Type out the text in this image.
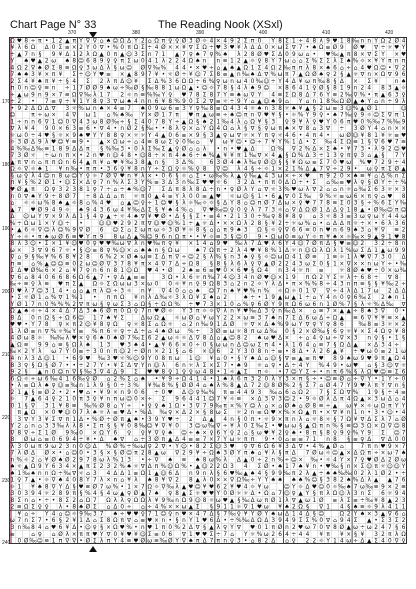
Chart Page N° 33	The Reading Nook (XSxl)
370	380	390	400	410	420
170
180
190
200
210
220
230
240
Ω ♥ 8 ÷ π • 1 2 ▲ π Y ∇ ∇ ⌂ ♠ ☺ Ω Δ Y 2 ⌂ Ω π ♀ ♀ Ø 3 Ø ☼ 4 × 4 9 2 Σ π 0 Y 8 Σ 1 ÷ 4 8 λ 9 ♥ 1 8 ‰ n n Y Ω 2 Ø 4
¥ λ 6 Ω Δ 0 Σ ≡ × 2 Y 0 ∇ • % 0 π Ω Σ ÷ 4 Ø × × ¥ ∇ Σ Ω ÷ ♥ 3 ♥ ¥ λ Δ Δ 0 × ω Σ ∇ 7 • ♠ Ω ≡ Ø 9 Ø ♥ ∇ ÷ ☼ ♥ Y
÷ ▲ 7 n § 9 ¥ Δ 1 2 λ Ω ▲ 0 π ▲ ☺ 3 Σ n 7 1 ▲ 7 ♀ ♠ 7 ♀ % ♠ λ 2 8 Ø ♥ Σ Δ 0 9 ω ⌂ • ♥ ‰ ▲ π 8 × ∇ Σ Y × ♥
Y ♠ ♥ ▲ 2 ω ♠ 8 ☺ 6 8 9 ♀ ♀ π Σ ω 0 4 1 λ 2 2 4 Ω ♠ n n ≡ 1 2 ▲ ☼ ♀ 8 Y 7 ω ⌂ ⌂ Σ % Σ Σ λ Σ ♠ % ☼ × ¥ Y π n π
4 Ω 2 ∇ ♠ Ø Σ 8 ≡ Ω ♀ 3 ω Δ λ § ω ☺ Ø ∇ ‰ % 4 4 • × ♥ ÷ ⌂ ▲ ♠ ▲ Ω 1 Σ 4 Ω 2 ‰ π π λ 8 × ♠ 6 ⌂ ÷ ⌂ 4 ♥ Ω ☺ • ∇ 2
7 ♠ ♠ 3 ¥ × π ¥ Σ ÷ ☺ Y ♥ ≡ × ▲ 8 9 7 ¥ • ☼ Ø ÷ ¥ ☺ 7 Σ 8 ≡ ▲ n ‰ ♠ Δ ∇ % ω π 7 ▲ Ω Ø ♠ ♀ 2 § ▲ ☼ ∇ n × Ω ∇ 9 6
2 Σ 4 ¥ ♠ π ¥ ÷ § 4 Σ 2 λ π Δ ☺ ¥ Σ Δ % 3 6 Ω Ω ÷ 6 % ♀ ω n ω 4 0 ‰ ☺ ÷ Y 4 Δ ¥ ω π ‰ 8 § Δ × Σ ¥	n ♠
π 0 n ☺ ♀ ≡ n ÷ 1 7 Ø Ø 9 ♠ ω ÷ ‰ Ø § ‰ 8 8 1 ω Ω ▲ • ☺ ☼ 7 8 § 4 λ ♠ 9 ☺ × 8 6 4 1 ♀ Ø § 8 1 9 n 2 4 8 3 ▲ ☼
÷ ▲ ω 9 n 9 × 7 ≡ Ω ∇ ‰ λ 1 7 2 ☼ n ≡ % ‰ Y ♀ ♥ 7 8 Σ 8 7 Y ≡ ♠ ω ∇ Y 4 ≡ Σ Ω 8 Δ 7 6 Y ≡ 2 ‰ ∇ % • π ▲ 6 3 ♀
÷ 2 • 7 ≡ ♀ ÷ ¥ 1 Y 8 ♀ 3 ∇ ω ♠ 4 n n 6 ¥ 8 % 9 0 Σ 2 ∇ ≡ ☼ ÷ 9 Y ⌂ ▲ ☺ ♠ 9 ⌂ Y ⌂ n 1 8 ‰ Ω Ø ▲ ♠ Y ⌂ n ÷ 9 λ
• 9 2 Δ Ω Δ ∇ 3 ☼ % ω n ♠ × 4 ≡ 7 ♠ 0 9 ω 6 ≡ 3 Y ♀ ‰ 8 ≡ Ω 4 3 4 ☼ ♠ n 3 8 ☼ ♠ ¥ ▲ § 2 ω ≡ 3 ☺ % ▲ Ø 1	☺
☺	π ÷ ω × 4 ∇ ω 1 ⌂ % ♠ ‰ Y × Ø 1 7 π ♥ π ▲ ω ≡ ÷ ♠ ☺ π n ∇ ♥ ¥ § • ☼ % Y 9 ♀ • ♠ 7 ‰ ♀ 9 ☼ ☺ Σ ∇ π 1
1 ÷ n n 6 ∇ 1 ☺ 0 ∇ 4 3 ω 8 Ø ‰ ÷ § Σ 4 0 7 8 Y ÷ ▲ Ω § ♠ 2 1 ‰ 4 λ ⌂ Ω ¥ § 3 ♀ 9 ¥ λ ♀ ♥ Y 0 6 π ♥ 0 % ‰ 7 % ‰ 9
∇ λ ¥ 4 9 0 × 6 3 ≡ 6 • ∇ 4 • n Ø 2 § ‰ • • 8 λ ♀ × ⌂ Y Ω 4 Ω ⌂ λ § ∇ § ♀ ω π ♠ × ∇ 8 ⌂ 3 ∇ ÷ 3 Ø Y 4 ⌂ n × ×
☼ ω 0 ÷ 4 ♥ § ☼ × 9 ♠ ♥ Y Y 8 8 ♀ × ☼ ☼ Y 4 ▲ 0 6 ≡ × 9 § 3 ▲ ♀ ω ∇ ☼ × Y π ♀ ☼ 4 6 • 4 π 4 • ω Ø ☺ ¥ 8 1 ¥ ☼ ≡ ♥
☼ 3 Ø Δ 9 λ ♥ ☺ ¥ ≡ 9 • ▲ × Ω ω ÷ ⌂ 4 ≡ 8 ω Σ ♀ 0 ‰ ⌂ ¥ ω ¥ ☺ • ☺ ÷ 7 ¥ Y % 1 Δ • Σ ‰ 4 Σ Ω ≡ 1 § ∇ 6 ♥ 7 ≡
4 % ‰ Δ ‰ ≡ 1 8 9 Δ Δ π § % ‰ 3 • 0 λ Σ ‰ Σ ▲ ♀ Ø ⌂ ⌂ λ • n • ♥ ▲ Δ	Ω % ∇ 2 % Δ × Σ ♠ • ¥ 7 3 • λ 9 2 ☺ ♥
7 3 Ø ☼ ÷ ω n π × • 2 n ♥ n ☺ 4 8 • ☺ 8 ÷ × π 4 ♠ 6 ÷ ♠ % ▲ ¥ ¥ π 1 ‰ ∇ × 4 ▲ § Ω % Δ 3 ÷ 1 3 ♀ π ♀ 3 ⌂ ▲ § 7 Y
▲ π ∇ n ⌂ π π Ω n 6 4 ▲ π ¥ ⌂ ♥ ¥ ‰ 3 8 ▲ n § 3 Δ %	6 3 Ø 4 ♠ λ ‰ ♀ Ø ☺ § § ¥ Ω ω ≡ Σ 7 0 ♥ ω % ♥ 7 2 9 ÷ 4
Ω ☼ ∇ ☼ ♠ 1 ¥ n ‰ • π π • 3 6 ♀ ¥ 8 n Y ÷ Σ Ω ♀ ☼ % ♀ 8 ∇ ☺ λ 4 § ÷ ☼ 1 × 2 1 % Δ ▲ 7 ∇ ÷ 2 9 • ω ♀ π Σ Ø ▲
§ ω ♀ λ 4 ☺ n 8 ω ☺ Y ♀ ☼ 7 Ø ∇ ♥ n ¥ λ × • 0 6 § ☼ ⌂ Σ • ω ‰ % λ ▲ ♀ ‰ ▲ 4 3 ω × ÷ × ♥ π 9 2 0 × ♠ ≡ ¥ ⌂ Δ % n Σ
π ¥ § % 2 Ø 1 • ☺ Σ × Δ ♀ 7 n % λ Σ 3 Y % ≡ 3 Δ 3 n ‰ Σ ♥ ♥ ☼ 6 3 2 Δ • π π 0 Δ Ω ÷ • Σ ⌂ ‰ ≡ ♥ λ ♀ § Ø Y ÷ ÷ %
♥ Ø ▲ π Ω ♀ 3 2 3 8 1 ♀ 7 ÷ ⌂ ÷ ♠ % ☺ 7 Σ Δ π 8 λ 8 Δ ÷ n • ♀ Ø λ Y ⌂ ∇ ☼ 3 % ♥ ω λ ∇ 2 ⌂ ⌂ n ☼ ⌂ ‰ Σ 6 3 ☼ × 3
n 0 ∇ ♠ Y 9 ÷ 8 Ø 7 ÷ 8 Δ Δ ⌂ π ☼ π 0 ▲ 4 ≡ Y λ 0 0 ≡ ▲ ♥ ☼ ω ☺ § 1 • 6 ▲ ∇ 0 Σ ‰ 9 % ☼ ≡ ω 6 × π ♀ ⌂ ♥ 8
⌂ ☼ ☼ ω % 8 ♠ ▲ ☼ 8 ⌂ % 4 ♥ ⌂ ▲ ☺ ♀ ÷ 1 ☺ ♥ § λ ☼ ‰ ☼ ☼ § Δ Y 8 ⌂ ☺ π Ø 7 Δ ω × ♀ ♥ 7 7 8 ≡ Σ 0 3 § ÷ % 6 Σ Y ‰
▲ 7 ♥ Ø 9 4 9 ☼ ♠ 9 4 3 6 ω 4 ¥ ‰ Δ Σ § ¥ ♠ 4 % ⌂ ∇ ♥ ‰ ☺ ♀ 0 ♀ λ 7 7 3 ☼ ⌂ ∇ Δ Ω Ø 1 Δ Δ ♀ 1 8 ▲ • Ø ‰ ☺ π ☺
Δ ☺ ω Y ∇ × 9 λ Δ 1 § 4 ♀ ▲ ÷ ☼ 4 ♠ ∇ ¥ ♥ Ø • Δ § § Σ • ≡ 4 • 2 1 3 0 ÷ ‰ ♀ 8 ¥ 8 ♀ ⌂ 3 ☼ 8 3 ≡ 3 ω ♀ ω Y 4 4 ω
% ÷ Ω ω 1 × Y ☺ ÷ •	☺ ☺ ♥ 2 9 2 π ∇ ☺ ♥ ☺ % 1 ÷ ▲ ☼ Δ • × × Ω λ 2 8 § ¥ 2 ÷ ☼ ω % ⌂ • ⌂ Δ Δ π ☼ ÷ × • 6 λ 3 6
• ▲ 6 ☼ ∇ ☺ λ ☺ % 9 ∇ Ø 6 ☺ Σ ⌂ Σ ω π ω ☼ 3 Ø ¥ ☼ 8 § ⌂ ⌂ π 9 ♠ 3 Ω § ☼ ♀ ∇ 6 6 ≡ 0 n ♥ n 6 9 ♠ 3 ⌂ ¥ ∇ ≡ 2
Y ÷ ☼ • π ♠ ω Ø 6 ≡ ♥ Y π 9 8 ω Δ ▲ % ☺ 9 6 n Ω π • • ¥ ☼ ≡ 3 § ☺ 0 9 • Ω ω 0 ≡ ω Y ☼ π ¥ ♠ × ☼ ‰ × 9 ▲ 9 1 ♥ 8
8 λ 3 ☺ • Σ × 1 ¥ ☺ ♥ 0 ♀ ♥ ♥ ‰ ω ∇ λ n ♥ ‰ π ♀ ¥ × 1 4 ⌂ 9 ♥ ‰ λ 7 Δ ♥ λ 6 Y 4 ☺ 7 Ø π Δ § ♥ ≡ ☺ 2 3 2 ÷ 8 n
ω × 3 ∇ 9 6 7 ☼ • § ☺ ≡ 8 ♀ % ☺ × ⌂ ♠ ♠ n § Ω ω	♠ 7 Ω π ÷ 2 λ 4 ♥ ¥ 8 % 1 Δ ☼ n ☺ Ω λ Ω λ 1 % ω Σ Δ 1 ▲ ω 9 9
∇ ⌂ 9 § ‰ ¥ % 6 8 ¥ 2 8 6 % 2 × Ø ♠ ω ≡ Σ Δ π ∇ ÷ ☺ 2 § λ % § n 3 ♠ ♀ § ☼ ☺ ω Ω 4 1 Ø ≡ 1 ≡ ☼ 1 λ ♥ ∇ 7 3 0 Δ
π ≡ ⌂ % ▲ ☺ ☺ ≡ 0 2 ω ☺ Ø ∇ 3 7 8 ¥ π × 4 ∇ 7 Δ ÷ Ω 8 § 8 § λ 6 λ ♀ ∇ ▲ Ø 2 2 4 3 ω Σ 0 § 1 × ∇ × × n ω Y ÷ • ‰
Σ Δ ♥ Ø ‰ 6 × 2 ⌂ ¥ 7 ♀ n 6 n 8 1 ☺ Ω ♥ 4 • Ø 2 ♠ ≡ 6 ≡ ♥ 0 × 6 ♥ § Ω 4 n 3 4 ☼ π ≡	☼ 8 Ø ♠ ♥ ÷ 0 × ω ‰
∇ 6 ⌂ 8 4 0 6 6 8 6 Ω 6 ▲ 7 • ♀ Δ ▲ ≡ ≡	3 Ω • λ 6 ☼ π ‰ 7 4 ☺ 3 4 n Ø ♥ ☺ × 1 9 π Ω 2 Y Σ ☼ λ ÷ 6 8 ÷ ∇ 8
‰ ÷ ≡ ♀ λ ≡ ♥ π Σ ▲ Ω ☼ Σ Ω ω ω 3 × ω 0 0 ☼ ¥ n ♀ 9 Ω 8 3 ⌂ 2 n 2 ☼ Y λ Δ • π × % % 8 ÷ 4 3 n π ≡ § § ¥ ‰ 2 ÷
0 ♥ λ 7 ☺ 3 1 4 • ⌂ ⌂ ▲ π λ ☺ ÷ 3 ☼ n ¥ ∇ 4 0 ⌂ ⌂ ♠ ☺ 7 n ♠ ¥ ♥ % n % ☼ Ω ☼ 0 1 ∇ ∇ ÷ 4 λ Δ 1 7 ω 2 Δ Δ
• Σ ☼ Ø 1 ⌂ % ∇ 1 % 1 • π π Ω ¥ n λ Δ ‰ ☼ 3 λ Ω ¥ Σ ♠ ⌂ 2	♠ ÷ • 1 9 ▲ ω ▲ 1 ÷ ⌂ Y 4 n 0 ♀ 6 ‰ Σ 2 ♠ n 1
Y Ø 1 7 n 0 % % % 2 ∇ π ω § ♀ ω Σ 3 ⌂ Ω § ÷ Ω Ω % ÷ ♥ 7 3 × 1 0 ⌂ % ♀ 6 Ø Y 9 π Ω 6 ω 6 n 1 Ø % 7 § λ ☼ % Δ ‰ ∇
Ω ▲ ♠ ☼ ÷ 4 × 4 Δ 7 Δ 3 ♠ 6 Ø π 0 Ω ♀ 7 n ♥ Ø ☼ Y 3 π ☼ ☼ ∇ λ n ¥ ♥ ‰ Δ 3 ♀ n ‰ Δ × ⌂ ≡ 7 × ▲ ▲ ÷ 8 ♠ 3 ∇ 0 •
8 Δ 0 n Ω § ÷ Ω 6 ☺ 1 7 ♠ ¥ Σ	Δ ω Ω ▲ ☼ ω Ø ⌂ ¥ ω Y 2 2 × ω ≡ 3 7 ♠ n 7 Σ Δ 6 ω Δ ÷ Ω ▲ ≡ 6 ∇ ¥ ¥ ≡ × ▲
♥ ♥ • Y 7 8 ♀ × π 2 ☺ ¥ 8 ♀ Ω ♀ ☼ 8 Σ ⌂ Ω ☼ ⌂ 2 n ‰ 9 1 Δ Ø ☼ ∇ × Δ ♠ % 9 ω Y ∇ ♀ Y ♀ 8 6	‰ 8 ≡ 3 ☼ × 2
1 λ Ø ≡ n ∇ % ☼ ‰ Y ≡ % π 6 ☼ ♀ ÷ Δ ÷ ⌂ 4 ♠ Ø ω % ÷ 3 Ø ≡ ω ☼ 8 π ω Δ ‰ 0 § 2 × Ø ‰ § 6 ♀ ☼ ¥ × Σ 4 Ω ♀ ¥ 8
4 Ø ω 8 ☼ ‰ ‰ λ ♥ × ♀ 6 ♠ 0 ♠ Ø 7 ‰ Σ 6 2 ▲ ω ☼ ☼ Δ ∇ 8 Δ ⌂ ▲ ☺ 8 2 ♠ ω ♥ Δ × ÷ ⌂ 4 ♀ ω ÷ ∇ × 3 n ♀ § • 1 §
▲ Ω ≡ 9 9 ⌂ ≡ § Ω λ ♠ 1 3 ♥ 3 ♠ 4 • ▲ ¥ 6 6 × 0 ÷ 0 § ω ω n Δ ☺ ω Σ π 4 • λ 1 6 4 ⌂ ≡ 7 § Ω Δ ▲ × Δ 3 4 ÷
‰ × 2 Y λ ω 7 Y 0 ≡ ÷ 3 0 n π ☺ 2 ÷ Ø n × 2 1 § ⌂ 6 × ☺ 6 2 Y 3 0 8 n ÷ ≡ • 8 Δ • λ 2 6 ▲ ¥ ÷ ♥ ω 0 ≡ 2 1 ω
4 n λ 3 Δ ☺ 1 • 6 9 ♥ ‰ 3 ♥ ☼ % ☺ 9 Y 0 8 π ω 1 ☺ ¥ ⌂ 0 • § Y ♠ Δ ⌂ ☺ § ∇ ≡ ▲ ≡ π ♥ 8 9 ♠ ω 9 ♥ 9 π ▲ Ω 4
8 3 ♀ § Ω § Ø 7 • • ÷ 2 7 Y • ¥ Σ Δ ∇ Y n ☺ λ 6 n ☼ λ Σ × Σ 7 • ♠ 9 ☼ ⌂ ♀ • Δ ÷ 4 Y % 4 9 • ω ♥ ⌂ § 3 ☺ ∇ ☼
9 2 § ▲ n 0 ☺ n ∇ § ‰ 3 ∇ 4 Δ 9 Σ ♥ ♥ 8 ♀ 1 ♀ ♀ ω 4 8 • 1 ☼ ▲ Σ π ☼ • 7 ☺ Y Σ ÷ • n π 6 % § λ Ω ♥ ☺ ≡ Σ 6
6 Ω ☼ ÷ ω 6 ‰ 4 1 6 ‰ ♀ Ø ⌂ 2 % Σ ⌂ ♠ • ¥ 9 ÷ Ω 4 1 4 • 1 ♠ λ 6 π 3 2 0 λ Y 3 × π § ÷ • ☺ ≡ Ø ⌂ ÷ ∇ Y • 1 Y ÷ 0
• λ ≡ Ω λ ♠ ♀ ☺ ≡ ‰ n 1 λ 9 § 0 ÷ 3 % ¥ ‰ 8 % § Ø Ø 4 ⌂ ♠ λ % 8 ▲ Δ 7 2 ☺ 8 Ø % 2 § Σ 7 ⌂ Ø 4 7 Y 9 ♥ λ π Y ∇ n §
2 1 ▲ § ≡ Ø 2 • 2 • ♥ ⌂ • ¥ 9 × n 9 0 6 ÷ 0 ♥ Δ ☺ ♀ ‰ % π ≡ 4 4 9 3 ‰ ⌂ 6 ⌂ Ω 2 7 § Σ Ω ∇ % 1 9 § ÷ 4 ≡
☼ 7 ▲ 6 4 ♀ 2 1 0 π 3 ♀ ¥ n π ω ☺ 0 × ÷ Σ 9 6 4 4 1 ☺ 7 ¥ ☼ ≡ × Δ 3 ∇ 3 ☺ 2 • 9 ☼ Ø λ Δ π 4 Ω ▲ × 3 ω Δ ⌂ 4
0 1 § ∇ 3 1 ¥ 8 ≡ ‰ % Ø 8 ⌂ Y ÷ • ♀ ♀ ♠ 1 Ω • 3 ∇ 7 9 ‰ π × % Y ☺ λ ⌂ × ⌂ Ø ♠ ⌂ Ø 8 ≡ ÷ ▲ ω ¥ × ☼ ω Ω π Y Y
π ▲ Ω × 0 ♥ ☺ 0 7 λ ♠ ☼ λ ≡ ♥ Δ • % Δ ‰ ♀ × Δ 2 × § 8 ω Σ ☼ 2 n ≡ Ω ♥ × % × Ω ▲ π • × ∇ ¥ n 1 n • 3 • ☺ • 4
3 ∇ Y 3 ¥ Σ ∇ π 1 Δ • % Ø ÷ Ø π ▲ ♠ • 3 9 Y ♥ ÷ 2 Δ ▲ 4 n § 0 π • ☼ 9 × π n λ ⌂ ☼ 8 ☼ § 7 Ω ¥ ∇ Δ Σ λ 7 ⌂ Ø
Y 2 ⌂ n ⌂ 3 3 ‰ λ λ 8 • Σ π § § ¥ 0 8 ‰ ☺ ¥ ∇ ¥ 0 3 ☺ ω ‰ ∇ ÷ ¥ λ 0 Σ ‰ Σ • ♥ ω ω § ▲ Ω π n % § ≡ ☺ 3 Ω × Ω ∇ ☺ 8
∇ 8 ∇ ÷ Σ 1 Ø 9 ‰ 0 × Ω Y 6 ♀ ♀ ¥ ∇ ♀ ♠ ☺ ÷ ♠ × ♀ 6 Y ♀ 2 ⌂ § ω ♥ ¥ 2 ♀ ♠ • 8 π § 8 ♀ 9 ♀ % Y 9 Σ ☺ 7
8 Ø ω ⌂ ≡ 0 6 9 4 ÷ ¥ • Δ ♠ ∇ ⌂ ÷ 3 Ø π ▲ Δ 4 ≡ ≡ 7 × 7 Y ω ☼ π π 9 • 0 ⌂ ≡ ≡ 7 1 n 8 § ≡ ♀ Δ ∇ Δ 0 0
λ 3 0 ω π 9 ω 2 3 n 0 ☺ Δ % Ø % ÷ ‰ ω ♀ 2 ∇ • Y ☺ • 8 2 Σ ☺ 3 ♥ ♀ ∇ 6 Ω 6 ¥ 3 Δ ∇ • 4 % ▲ Ø ⌂	7 π n ♥ 9 × 7
7 λ Ø Δ Ø × • ⌂ ☺ 0 • 3 § × § Ø ☺ π 2 8 ▲ ω ∇ 2 9 ¥ ÷ Ω ♠ 3 Ø Y π ♠ ⌂ ¥ λ § π Δ 7 Ø ω ☼ ☺ ▲ × Δ Ω π ÷ × ω 7 ♠
n % ☼ 2 ⌂ ¥ Ø ♠ Ø 2 9 7 8 ω λ % 1 3 • ÷ ∇ ♠ ≡ ♠ 8 ω % λ Δ ▲ 0 ÷ 2 n % ÷ ☺ × ‰ • ☼ 4 Y × 7 ♀ ♥ Ø Δ 2 Ø ω
♠ ☼ ▲ Ω 9 Y 6 3 4 × ▲ π Σ 2 3 2 % ♠ ☼ ∇ Δ π % ☺ Ω % • ▲ ☺ 2 2 Ω 3 4 Σ Ø • ♠ 1 7 ♠ ¥ n • ♥ ‰ § n × Σ ☺ π ☼ ☺ ☺ Y
♠ 1 ‰ ♠ n n Ω ÷ ‰ ∇ ☼ ⌂ 3 4 Δ Δ 1 ≡ Ω 1 ▲ ☺ 6 Δ n 9 n λ § 6 ♥ ‰ ▲ ♠ 4 § 9 9 ‰ π 2 λ ▲ ÷ ♠ ♠ ‰ ‰ 0 2 λ 1 Ø 2 • ÷
1 ♀ 7 ▲ • ☼ ∇ ♠ 4 0 8 Y 7 λ × n ⌂ ¥ λ ♠ 8 ¥ ∇ 2 8 ▲ λ 0 × × ∇ Ω ‰ ÷ Y Y ♠ ♠ ♠ ♠ % ☺ § 3 8 2 ♠ % Δ λ ▲ ▲ 7 6
☼ 1 ¥ ♠ 8 ∇ Y Δ § ♥ ≡ Ø 7 ω % • 1 × 7 Ω ☼ ∇ ‰ λ ▲ ♥ ☺ ¥ ♥ 6 2 ¥ ♥ 4 ☼ ¥ ω	☺ Y ☼ Δ ♥ ☺ 0 ☼ ‰ ♠ 7 ω ‰ ≡ 9 × 2 ≡
3 0 3 9 4 ☼ 2 8 9 π § % 4 § 4 ω ▲ ♀ Ø ▲ 7 ♠ ♀ 8 ▲ Σ ☼ ♥ ♥ Y 0 Ø ☼ ☼ Δ • Ω ⌂ 7 ☺ ♀ ▲ Y § π λ Ω ☺ λ 3 n Σ 6 ☼ 9 4
8 Σ n ⌂ • ÷ • 8 Σ 2 ⌂ Ω 7 Ω λ λ ♀ Ω Ω λ ¥ 9 ‰ n Ω 9 ☺ 8 ☼ ω ♥ ▲ § ‰ Δ ω π Ø 1 λ ∇ ▲ ω 1 Ø ≡ λ Σ ≡ ÷ ‰ ¥ 8 ▲ 2 3
2 ≡ Ω Σ ♀ ♀ λ • 8 ♠ Ø Σ ⌂ Δ 0 ÷ ⌂ ÷ 4 % × × ω ▲ Σ § 9 1 1 ☼ ∇ 1 ♥ ω ¥ ♠ 2 Ω § ∇ 1 4 § ♠ ≡ ☼ 9 λ 4 1 1
¥ ⌂ ÷ Y 4 ⌂ ☺ ☼ 9 ‰ 3 7 ♠ ÷ ♥ ♥ ♀ 7 1 ☺ ♀ n ♥ × 4 7 Δ § 7 ‰ ♀ ¥ Y Ø Y ♠ ω Δ 1 4 Δ § ☺	Ω 2 Y ♠ × 3 ▲ ∇ 6 ⌂
ω 7 n Σ 7 • 6 § 2 ¥ 1 Δ ⌂ Σ 8 Ω π ∇ ⌂ ≡ ♥ × n • § n Y 1 ♥ 6 Δ • ÷ % ‰ Δ Ω Δ 3 9 4 9 Σ Σ % 0 ∇ ⌂ 9 4 Σ ▲ • Σ 3 Σ 2
3 n ‰ 8 4 ⌂ ♥ 6 ¥ Δ • ☺ ♀ § × Ω ♥ % • n ♥ 1 π 0 % 2 Δ ∇ § ▲ λ ♀ Y ∇ ♥ 0 1 π Ø n 2 ♥ ω 7 0 ∇ 8 Ø ▲ ω ÷ ω 2 4 7 § 6
≡	⌂ ♀ ⌂ Ø λ × π π ♥ Y ∇ 0 ¥ ♥ ¥ ☺ Σ ≡ 0 6 ∇ 1 ♥ ♥ Σ ÷ 7 ⌂ Y ☼ % ω 2 6 4 ÷ 4 4 ¥ π ¥ × § ¥ 3 2 π λ Ω
0 Ø ‰ ☺ ≡ 1 π ∇ ∇ • Ø Σ λ π Y 4 ≡ ♥ Ø ω ≡ ‰ Ø Y ∇ ♠ π Δ 7 π n ♀ 3 • ⌂ 8 2 Δ ⌂ ♀ 2 2 ☼ Y 1 4 ω ÷ Δ ▲ Σ 4 0 ∇ ♀
